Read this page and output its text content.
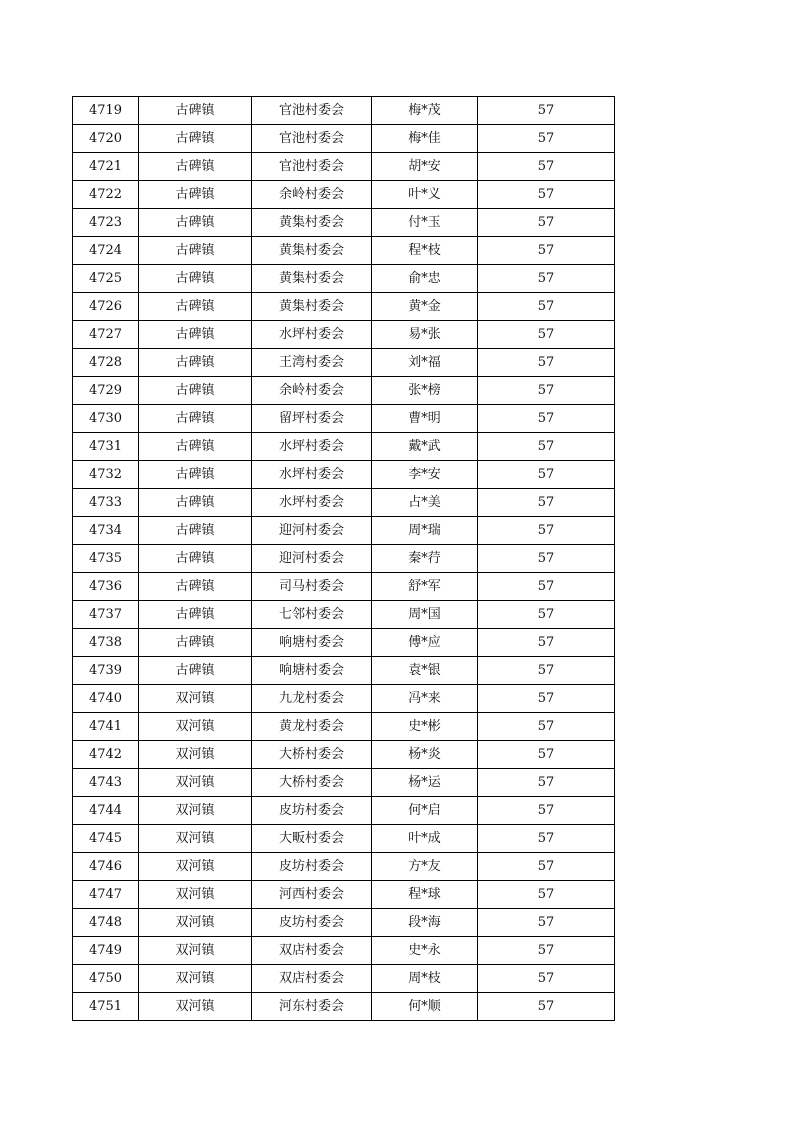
4719	古碑镇	官池村委会	梅*茂	57
4720	古碑镇	官池村委会	梅*佳	57
4721	古碑镇	官池村委会	胡*安	57
4722	古碑镇	余岭村委会	叶*义	57
4723	古碑镇	黄集村委会	付*玉	57
4724	古碑镇	黄集村委会	程*枝	57
4725	古碑镇	黄集村委会	俞*忠	57
4726	古碑镇	黄集村委会	黄*金	57
4727	古碑镇	水坪村委会	易*张	57
4728	古碑镇	王湾村委会	刘*福	57
4729	古碑镇	余岭村委会	张*榜	57
4730	古碑镇	留坪村委会	曹*明	57
4731	古碑镇	水坪村委会	戴*武	57
4732	古碑镇	水坪村委会	李*安	57
4733	古碑镇	水坪村委会	占*美	57
4734	古碑镇	迎河村委会	周*瑞	57
4735	古碑镇	迎河村委会	秦*荇	57
4736	古碑镇	司马村委会	舒*军	57
4737	古碑镇	七邻村委会	周*国	57
4738	古碑镇	响塘村委会	傅*应	57
4739	古碑镇	响塘村委会	袁*银	57
4740	双河镇	九龙村委会	冯*来	57
4741	双河镇	黄龙村委会	史*彬	57
4742	双河镇	大桥村委会	杨*炎	57
4743	双河镇	大桥村委会	杨*运	57
4744	双河镇	皮坊村委会	何*启	57
4745	双河镇	大畈村委会	叶*成	57
4746	双河镇	皮坊村委会	方*友	57
4747	双河镇	河西村委会	程*球	57
4748	双河镇	皮坊村委会	段*海	57
4749	双河镇	双店村委会	史*永	57
4750	双河镇	双店村委会	周*枝	57
4751	双河镇	河东村委会	何*顺	57
